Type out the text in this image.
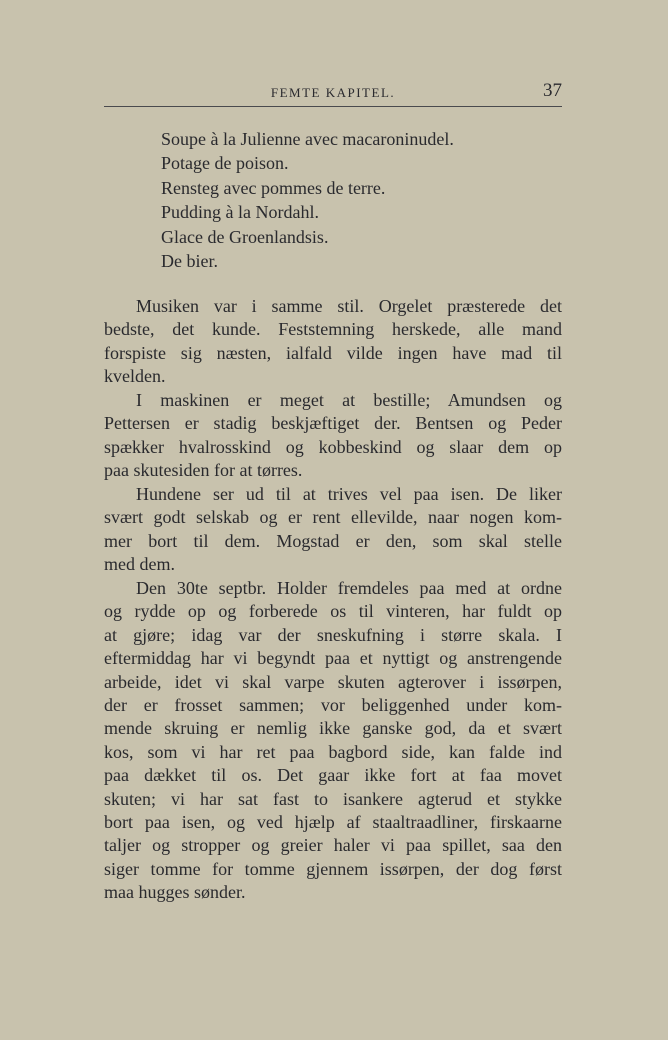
FEMTE KAPITEL.	37
Soupe à la Julienne avec macaroninudel.
Potage de poison.
Rensteg avec pommes de terre.
Pudding à la Nordahl.
Glace de Groenlandsis.
De bier.
Musiken var i samme stil. Orgelet præsterede det
bedste, det kunde. Feststemning herskede, alle mand
forspiste sig næsten, ialfald vilde ingen have mad til
kvelden.
I maskinen er meget at bestille; Amundsen og
Pettersen er stadig beskjæftiget der. Bentsen og Peder
spækker hvalrosskind og kobbeskind og slaar dem op
paa skutesiden for at tørres.
Hundene ser ud til at trives vel paa isen. De liker
svært godt selskab og er rent ellevilde, naar nogen kom-
mer bort til dem. Mogstad er den, som skal stelle
med dem.
Den 30te septbr. Holder fremdeles paa med at ordne
og rydde op og forberede os til vinteren, har fuldt op
at gjøre; idag var der sneskufning i større skala. I
eftermiddag har vi begyndt paa et nyttigt og anstrengende
arbeide, idet vi skal varpe skuten agterover i issørpen,
der er frosset sammen; vor beliggenhed under kom-
mende skruing er nemlig ikke ganske god, da et svært
kos, som vi har ret paa bagbord side, kan falde ind
paa dækket til os. Det gaar ikke fort at faa movet
skuten; vi har sat fast to isankere agterud et stykke
bort paa isen, og ved hjælp af staaltraadliner, firskaarne
taljer og stropper og greier haler vi paa spillet, saa den
siger tomme for tomme gjennem issørpen, der dog først
maa hugges sønder.
